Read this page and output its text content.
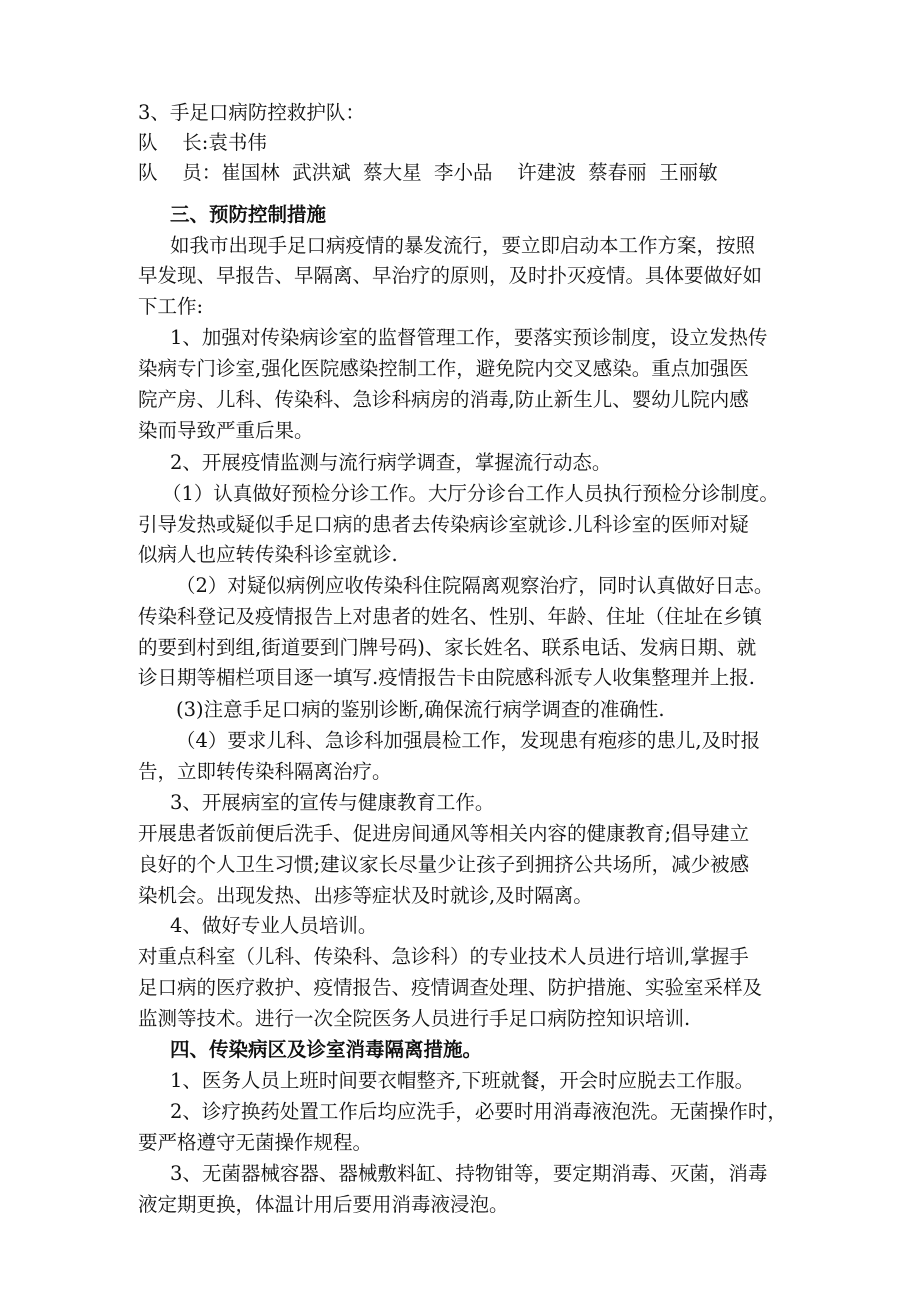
3、手足口病防控救护队：
队    长:袁书伟
队    员：崔国林  武洪斌  蔡大星  李小品    许建波  蔡春丽  王丽敏
三、预防控制措施
如我市出现手足口病疫情的暴发流行，要立即启动本工作方案，按照
早发现、早报告、早隔离、早治疗的原则，及时扑灭疫情。具体要做好如
下工作:
1、加强对传染病诊室的监督管理工作，要落实预诊制度，设立发热传
染病专门诊室,强化医院感染控制工作，避免院内交叉感染。重点加强医
院产房、儿科、传染科、急诊科病房的消毒,防止新生儿、婴幼儿院内感
染而导致严重后果。
2、开展疫情监测与流行病学调查，掌握流行动态。
（1）认真做好预检分诊工作。大厅分诊台工作人员执行预检分诊制度。
引导发热或疑似手足口病的患者去传染病诊室就诊.儿科诊室的医师对疑
似病人也应转传染科诊室就诊.
（2）对疑似病例应收传染科住院隔离观察治疗，同时认真做好日志。
传染科登记及疫情报告上对患者的姓名、性别、年龄、住址（住址在乡镇
的要到村到组,街道要到门牌号码)、家长姓名、联系电话、发病日期、就
诊日期等楣栏项目逐一填写.疫情报告卡由院感科派专人收集整理并上报.
(3)注意手足口病的鉴别诊断,确保流行病学调查的准确性.
（4）要求儿科、急诊科加强晨检工作，发现患有疱疹的患儿,及时报
告，立即转传染科隔离治疗。
3、开展病室的宣传与健康教育工作。
开展患者饭前便后洗手、促进房间通风等相关内容的健康教育;倡导建立
良好的个人卫生习惯;建议家长尽量少让孩子到拥挤公共场所，减少被感
染机会。出现发热、出疹等症状及时就诊,及时隔离。
4、做好专业人员培训。
对重点科室（儿科、传染科、急诊科）的专业技术人员进行培训,掌握手
足口病的医疗救护、疫情报告、疫情调查处理、防护措施、实验室采样及
监测等技术。进行一次全院医务人员进行手足口病防控知识培训.
四、传染病区及诊室消毒隔离措施。
1、医务人员上班时间要衣帽整齐,下班就餐，开会时应脱去工作服。
2、诊疗换药处置工作后均应洗手，必要时用消毒液泡洗。无菌操作时，
要严格遵守无菌操作规程。
3、无菌器械容器、器械敷料缸、持物钳等，要定期消毒、灭菌，消毒
液定期更换，体温计用后要用消毒液浸泡。
